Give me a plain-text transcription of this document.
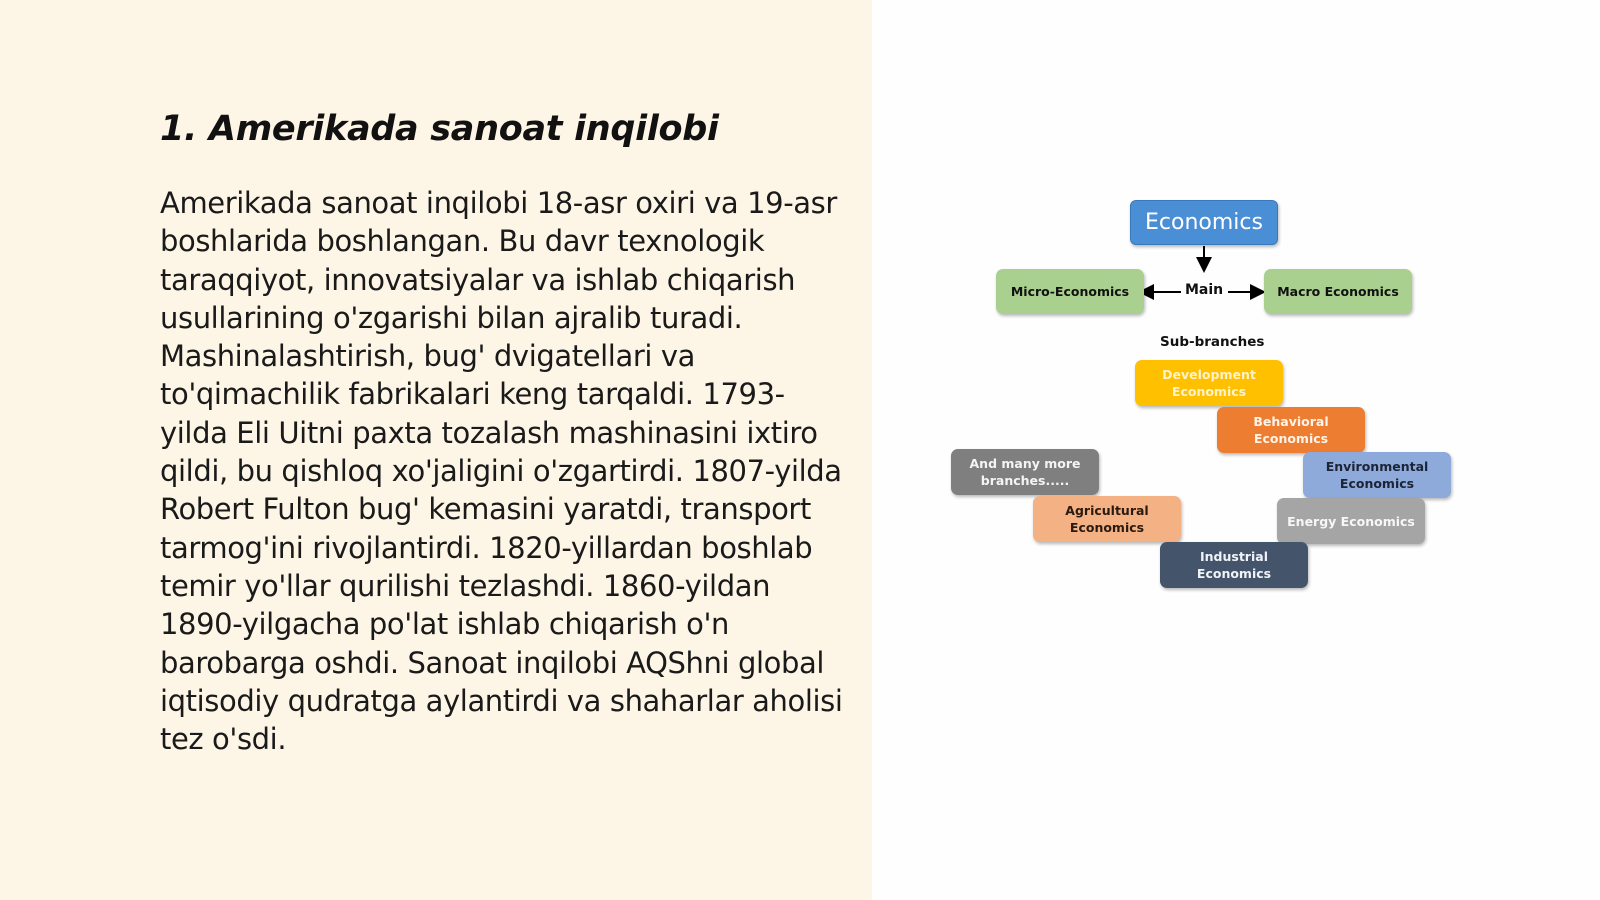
1. Amerikada sanoat inqilobi

Amerikada sanoat inqilobi 18-asr oxiri va 19-asr boshlarida boshlangan. Bu davr texnologik taraqqiyot, innovatsiyalar va ishlab chiqarish usullarining o'zgarishi bilan ajralib turadi. Mashinalashtirish, bug' dvigatellari va to'qimachilik fabrikalari keng tarqaldi. 1793-yilda Eli Uitni paxta tozalash mashinasini ixtiro qildi, bu qishloq xo'jaligini o'zgartirdi. 1807-yilda Robert Fulton bug' kemasini yaratdi, transport tarmog'ini rivojlantirdi. 1820-yillardan boshlab temir yo'llar qurilishi tezlashdi. 1860-yildan 1890-yilgacha po'lat ishlab chiqarish o'n barobarga oshdi. Sanoat inqilobi AQShni global iqtisodiy qudratga aylantirdi va shaharlar aholisi tez o'sdi.

Economics
Main
Micro-Economics	Macro Economics
Sub-branches
Development Economics
Behavioral Economics
Environmental Economics
And many more branches.....
Agricultural Economics	Energy Economics
Industrial Economics
